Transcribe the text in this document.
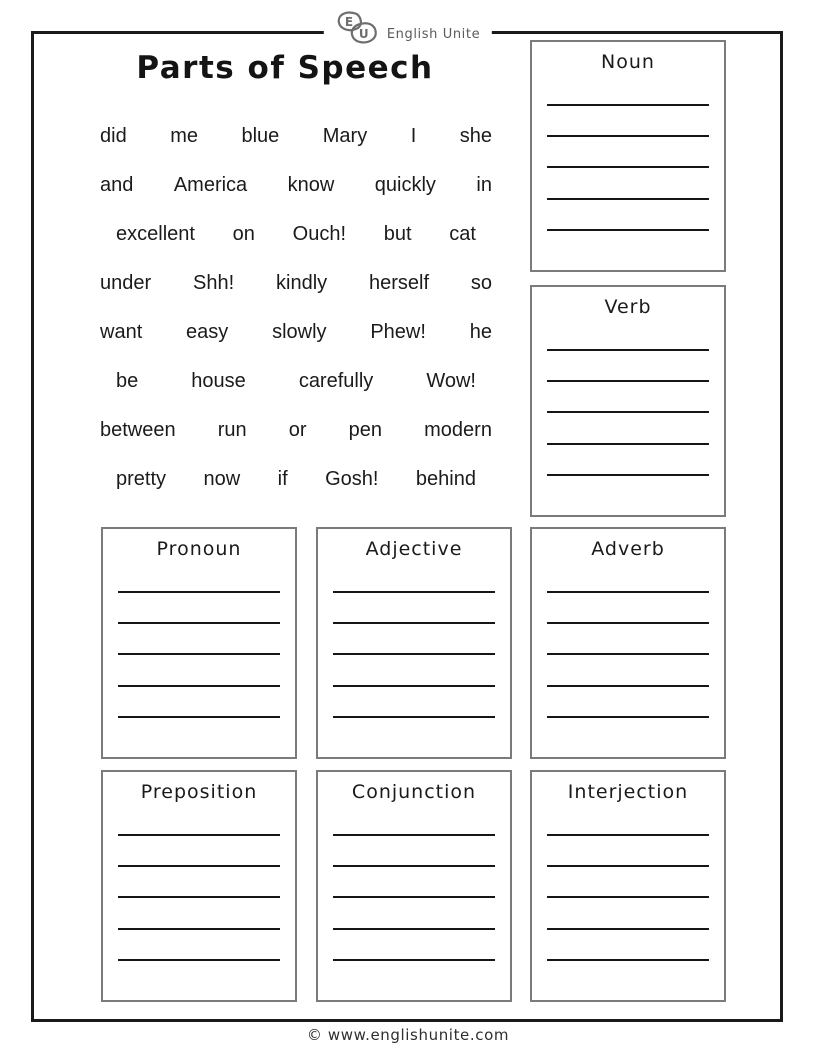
E
U English Unite
Parts of Speech
did me blue Mary I she
and America know quickly in
excellent on Ouch! but cat
under Shh! kindly herself so
want easy slowly Phew! he
be	house	carefully	Wow!
between run or pen modern
pretty now if Gosh! behind
Noun
Verb
Pronoun	Adjective	Adverb
Preposition	Conjunction	Interjection
© www.englishunite.com
